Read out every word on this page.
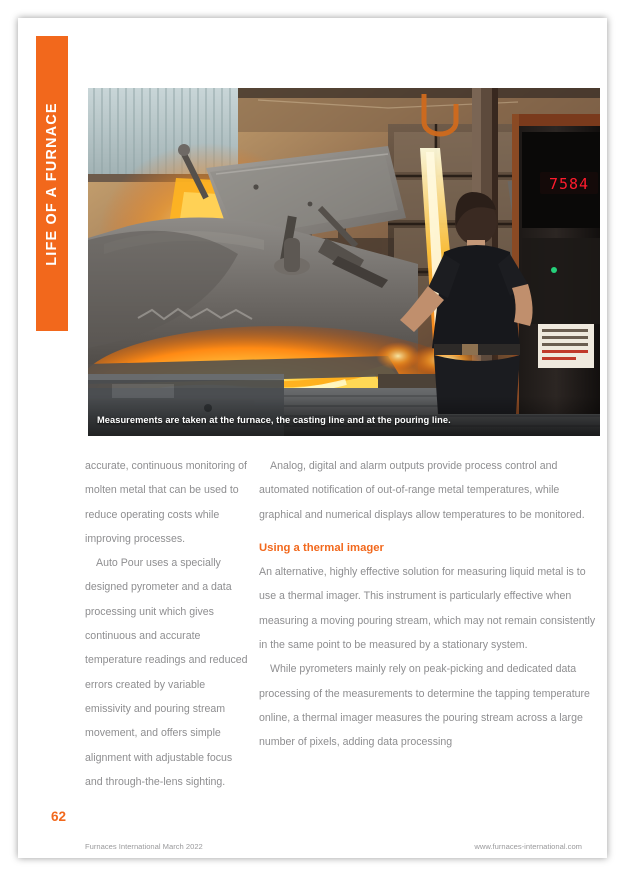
LIFE OF A FURNACE	7584
Measurements are taken at the furnace, the casting line and at the pouring line.

accurate, continuous monitoring of molten metal that can be used to reduce operating costs while improving processes.

Auto Pour uses a specially designed pyrometer and a data processing unit which gives continuous and accurate temperature readings and reduced errors created by variable emissivity and pouring stream movement, and offers simple alignment with adjustable focus and through-the-lens sighting.

Analog, digital and alarm outputs provide process control and automated notification of out-of-range metal temperatures, while graphical and numerical displays allow temperatures to be monitored.

Using a thermal imager

An alternative, highly effective solution for measuring liquid metal is to use a thermal imager. This instrument is particularly effective when measuring a moving pouring stream, which may not remain consistently in the same point to be measured by a stationary system.

While pyrometers mainly rely on peak-picking and dedicated data processing of the measurements to determine the tapping temperature online, a thermal imager measures the pouring stream across a large number of pixels, adding data processing

62
Furnaces International March 2022	www.furnaces-international.com
